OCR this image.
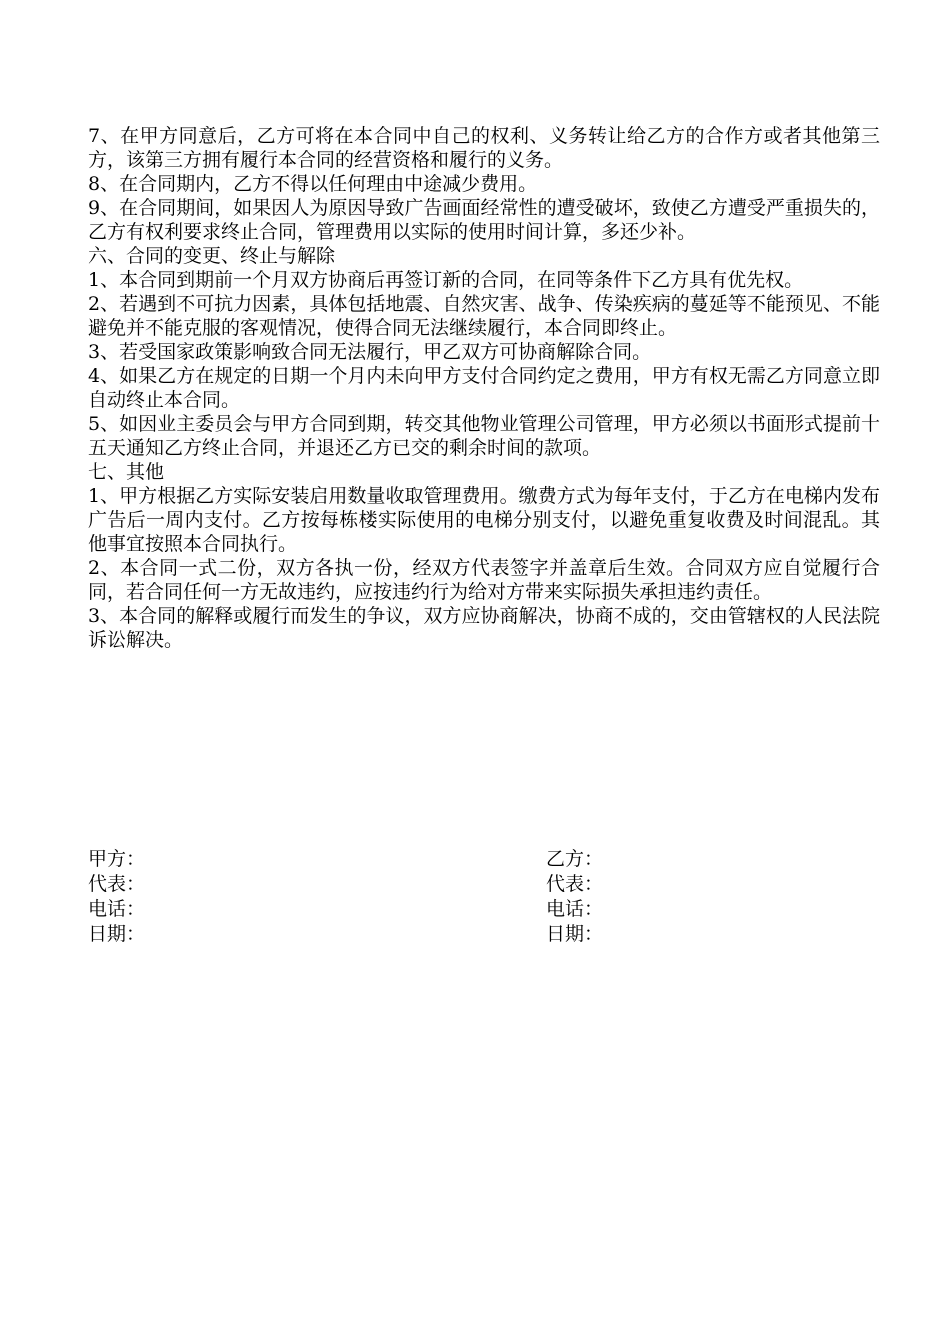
7、在甲方同意后，乙方可将在本合同中自己的权利、义务转让给乙方的合作方或者其他第三方，该第三方拥有履行本合同的经营资格和履行的义务。

8、在合同期内，乙方不得以任何理由中途减少费用。

9、在合同期间，如果因人为原因导致广告画面经常性的遭受破坏，致使乙方遭受严重损失的，乙方有权利要求终止合同，管理费用以实际的使用时间计算，多还少补。

六、合同的变更、终止与解除

1、本合同到期前一个月双方协商后再签订新的合同，在同等条件下乙方具有优先权。

2、若遇到不可抗力因素，具体包括地震、自然灾害、战争、传染疾病的蔓延等不能预见、不能避免并不能克服的客观情况，使得合同无法继续履行，本合同即终止。

3、若受国家政策影响致合同无法履行，甲乙双方可协商解除合同。

4、如果乙方在规定的日期一个月内未向甲方支付合同约定之费用，甲方有权无需乙方同意立即自动终止本合同。

5、如因业主委员会与甲方合同到期，转交其他物业管理公司管理，甲方必须以书面形式提前十五天通知乙方终止合同，并退还乙方已交的剩余时间的款项。

七、其他

1、甲方根据乙方实际安装启用数量收取管理费用。缴费方式为每年支付，于乙方在电梯内发布广告后一周内支付。乙方按每栋楼实际使用的电梯分别支付，以避免重复收费及时间混乱。其他事宜按照本合同执行。

2、本合同一式二份，双方各执一份，经双方代表签字并盖章后生效。合同双方应自觉履行合同，若合同任何一方无故违约，应按违约行为给对方带来实际损失承担违约责任。

3、本合同的解释或履行而发生的争议，双方应协商解决，协商不成的，交由管辖权的人民法院诉讼解决。

甲方：

代表：

电话：

日期：

乙方：

代表：

电话：

日期：
